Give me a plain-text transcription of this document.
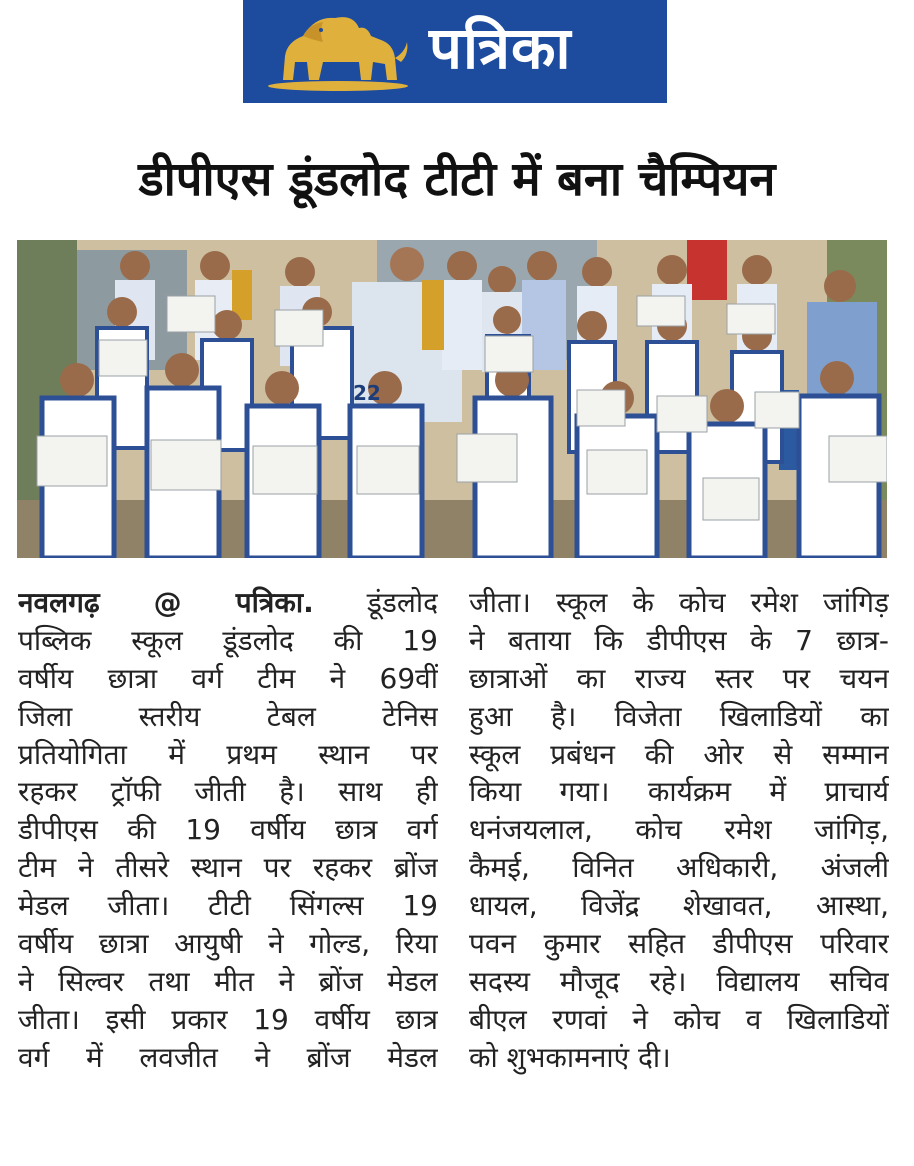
पत्रिका
डीपीएस डूंडलोद टीटी में बना चैम्पियन
22
नवलगढ़ @ पत्रिका. डूंडलोद
पब्लिक स्कूल डूंडलोद की 19
वर्षीय छात्रा वर्ग टीम ने 69वीं
जिला स्तरीय टेबल टेनिस
प्रतियोगिता में प्रथम स्थान पर
रहकर ट्रॉफी जीती है। साथ ही
डीपीएस की 19 वर्षीय छात्र वर्ग
टीम ने तीसरे स्थान पर रहकर ब्रोंज
मेडल जीता। टीटी सिंगल्स 19
वर्षीय छात्रा आयुषी ने गोल्ड, रिया
ने सिल्वर तथा मीत ने ब्रोंज मेडल
जीता। इसी प्रकार 19 वर्षीय छात्र
वर्ग में लवजीत ने ब्रोंज मेडल
जीता। स्कूल के कोच रमेश जांगिड़
ने बताया कि डीपीएस के 7 छात्र-
छात्राओं का राज्य स्तर पर चयन
हुआ है। विजेता खिलाडियों का
स्कूल प्रबंधन की ओर से सम्मान
किया गया। कार्यक्रम में प्राचार्य
धनंजयलाल, कोच रमेश जांगिड़,
कैमई, विनित अधिकारी, अंजली
धायल, विजेंद्र शेखावत, आस्था,
पवन कुमार सहित डीपीएस परिवार
सदस्य मौजूद रहे। विद्यालय सचिव
बीएल रणवां ने कोच व खिलाडियों
को शुभकामनाएं दी।
